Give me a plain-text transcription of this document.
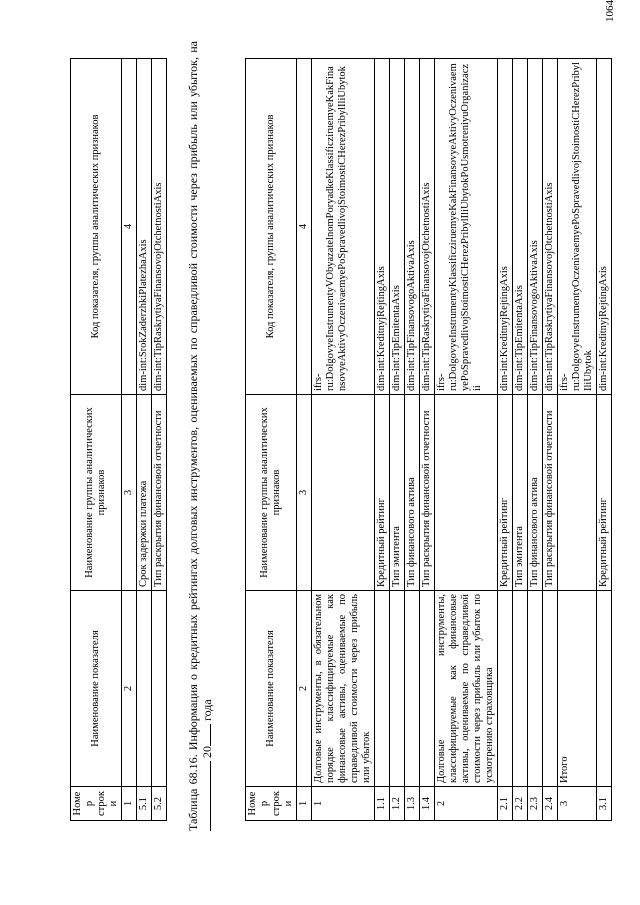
1064
Номер строки	Наименование показателя	Наименование группы аналитических признаков	Код показателя, группы аналитических признаков
1	2	3	4
5.1		Срок задержки платежа	dim-int:SrokZaderzhkiPlatezhaAxis
5.2		Тип раскрытия финансовой отчетности	dim-int:TipRaskrytiyaFinansovojOtchetnostiAxis Таблица 68.16. Информация о кредитных рейтингах долговых инструментов, оцениваемых по справедливой стоимости через прибыль или убыток, на  20 года
Номер строки	Наименование показателя	Наименование группы аналитических признаков	Код показателя, группы аналитических признаков
1	2	3	4
1	Долговые инструменты, в обязательном порядке классифицируемые как финансовые активы, оцениваемые по справедливой стоимости через прибыль или убыток		ifrs-ru:DolgovyeInstrumentyVObyazatelnomPoryadkeKlassificziruemyeKakFinansovyeAktivyOczenivaemyePoSpravedlivojStoimostiCHerezPribylIliUbytok
1.1		Кредитный рейтинг	dim-int:KreditnyjRejtingAxis
1.2		Тип эмитента	dim-int:TipEmitentaAxis
1.3		Тип финансового актива	dim-int:TipFinansovogoAktivaAxis
1.4		Тип раскрытия финансовой отчетности	dim-int:TipRaskrytiyaFinansovojOtchetnostiAxis
2	Долговые инструменты, классифицируемые как финансовые активы, оцениваемые по справедливой стоимости через прибыль или убыток по усмотрению страховщика		ifrs-ru:DolgovyeInstrumentyKlassificziruemyeKakFinansovyeAktivyOczenivaemyePoSpravedlivojStoimostiCHerezPribylIliUbytokPoUsmotreniyuOrganizaczii
2.1		Кредитный рейтинг	dim-int:KreditnyjRejtingAxis
2.2		Тип эмитента	dim-int:TipEmitentaAxis
2.3		Тип финансового актива	dim-int:TipFinansovogoAktivaAxis
2.4		Тип раскрытия финансовой отчетности	dim-int:TipRaskrytiyaFinansovojOtchetnostiAxis
3	Итого		ifrs-ru:DolgovyeInstrumentyOczenivaemyePoSpravedlivojStoimostiCHerezPribylIliUbytok
3.1		Кредитный рейтинг	dim-int:KreditnyjRejtingAxis
